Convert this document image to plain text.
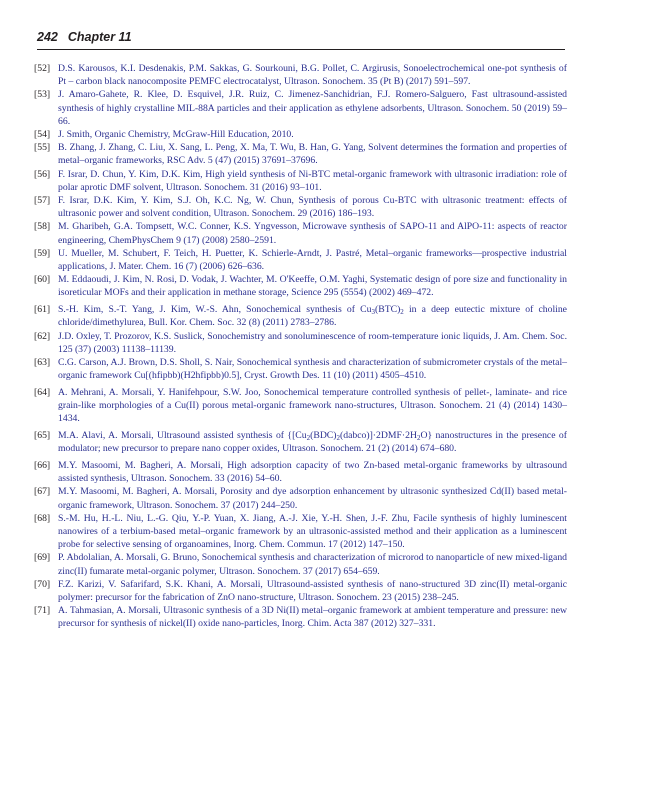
242 Chapter 11
[52] D.S. Karousos, K.I. Desdenakis, P.M. Sakkas, G. Sourkouni, B.G. Pollet, C. Argirusis, Sonoelectrochemical one-pot synthesis of Pt – carbon black nanocomposite PEMFC electrocatalyst, Ultrason. Sonochem. 35 (Pt B) (2017) 591–597.
[53] J. Amaro-Gahete, R. Klee, D. Esquivel, J.R. Ruiz, C. Jimenez-Sanchidrian, F.J. Romero-Salguero, Fast ultrasound-assisted synthesis of highly crystalline MIL-88A particles and their application as ethylene adsorbents, Ultrason. Sonochem. 50 (2019) 59–66.
[54] J. Smith, Organic Chemistry, McGraw-Hill Education, 2010.
[55] B. Zhang, J. Zhang, C. Liu, X. Sang, L. Peng, X. Ma, T. Wu, B. Han, G. Yang, Solvent determines the formation and properties of metal–organic frameworks, RSC Adv. 5 (47) (2015) 37691–37696.
[56] F. Israr, D. Chun, Y. Kim, D.K. Kim, High yield synthesis of Ni-BTC metal-organic framework with ultrasonic irradiation: role of polar aprotic DMF solvent, Ultrason. Sonochem. 31 (2016) 93–101.
[57] F. Israr, D.K. Kim, Y. Kim, S.J. Oh, K.C. Ng, W. Chun, Synthesis of porous Cu-BTC with ultrasonic treatment: effects of ultrasonic power and solvent condition, Ultrason. Sonochem. 29 (2016) 186–193.
[58] M. Gharibeh, G.A. Tompsett, W.C. Conner, K.S. Yngvesson, Microwave synthesis of SAPO-11 and AlPO-11: aspects of reactor engineering, ChemPhysChem 9 (17) (2008) 2580–2591.
[59] U. Mueller, M. Schubert, F. Teich, H. Puetter, K. Schierle-Arndt, J. Pastré, Metal–organic frameworks—prospective industrial applications, J. Mater. Chem. 16 (7) (2006) 626–636.
[60] M. Eddaoudi, J. Kim, N. Rosi, D. Vodak, J. Wachter, M. O'Keeffe, O.M. Yaghi, Systematic design of pore size and functionality in isoreticular MOFs and their application in methane storage, Science 295 (5554) (2002) 469–472.
[61] S.-H. Kim, S.-T. Yang, J. Kim, W.-S. Ahn, Sonochemical synthesis of $Cu_3(BTC)_2$ in a deep eutectic mixture of choline chloride/dimethylurea, Bull. Kor. Chem. Soc. 32 (8) (2011) 2783–2786.
[62] J.D. Oxley, T. Prozorov, K.S. Suslick, Sonochemistry and sonoluminescence of room-temperature ionic liquids, J. Am. Chem. Soc. 125 (37) (2003) 11138–11139.
[63] C.G. Carson, A.J. Brown, D.S. Sholl, S. Nair, Sonochemical synthesis and characterization of submicrometer crystals of the metal–organic framework Cu[(hfipbb)(H2hfipbb)0.5], Cryst. Growth Des. 11 (10) (2011) 4505–4510.
[64] A. Mehrani, A. Morsali, Y. Hanifehpour, S.W. Joo, Sonochemical temperature controlled synthesis of pellet-, laminate- and rice grain-like morphologies of a Cu(II) porous metal-organic framework nano-structures, Ultrason. Sonochem. 21 (4) (2014) 1430–1434.
[65] M.A. Alavi, A. Morsali, Ultrasound assisted synthesis of $\{[Cu_2(BDC)_2(dabco)]\cdot 2DMF\cdot 2H_2O\}$ nanostructures in the presence of modulator; new precursor to prepare nano copper oxides, Ultrason. Sonochem. 21 (2) (2014) 674–680.
[66] M.Y. Masoomi, M. Bagheri, A. Morsali, High adsorption capacity of two Zn-based metal-organic frameworks by ultrasound assisted synthesis, Ultrason. Sonochem. 33 (2016) 54–60.
[67] M.Y. Masoomi, M. Bagheri, A. Morsali, Porosity and dye adsorption enhancement by ultrasonic synthesized Cd(II) based metal-organic framework, Ultrason. Sonochem. 37 (2017) 244–250.
[68] S.-M. Hu, H.-L. Niu, L.-G. Qiu, Y.-P. Yuan, X. Jiang, A.-J. Xie, Y.-H. Shen, J.-F. Zhu, Facile synthesis of highly luminescent nanowires of a terbium-based metal–organic framework by an ultrasonic-assisted method and their application as a luminescent probe for selective sensing of organoamines, Inorg. Chem. Commun. 17 (2012) 147–150.
[69] P. Abdolalian, A. Morsali, G. Bruno, Sonochemical synthesis and characterization of microrod to nanoparticle of new mixed-ligand zinc(II) fumarate metal-organic polymer, Ultrason. Sonochem. 37 (2017) 654–659.
[70] F.Z. Karizi, V. Safarifard, S.K. Khani, A. Morsali, Ultrasound-assisted synthesis of nano-structured 3D zinc(II) metal-organic polymer: precursor for the fabrication of ZnO nano-structure, Ultrason. Sonochem. 23 (2015) 238–245.
[71] A. Tahmasian, A. Morsali, Ultrasonic synthesis of a 3D Ni(II) metal–organic framework at ambient temperature and pressure: new precursor for synthesis of nickel(II) oxide nano-particles, Inorg. Chim. Acta 387 (2012) 327–331.
